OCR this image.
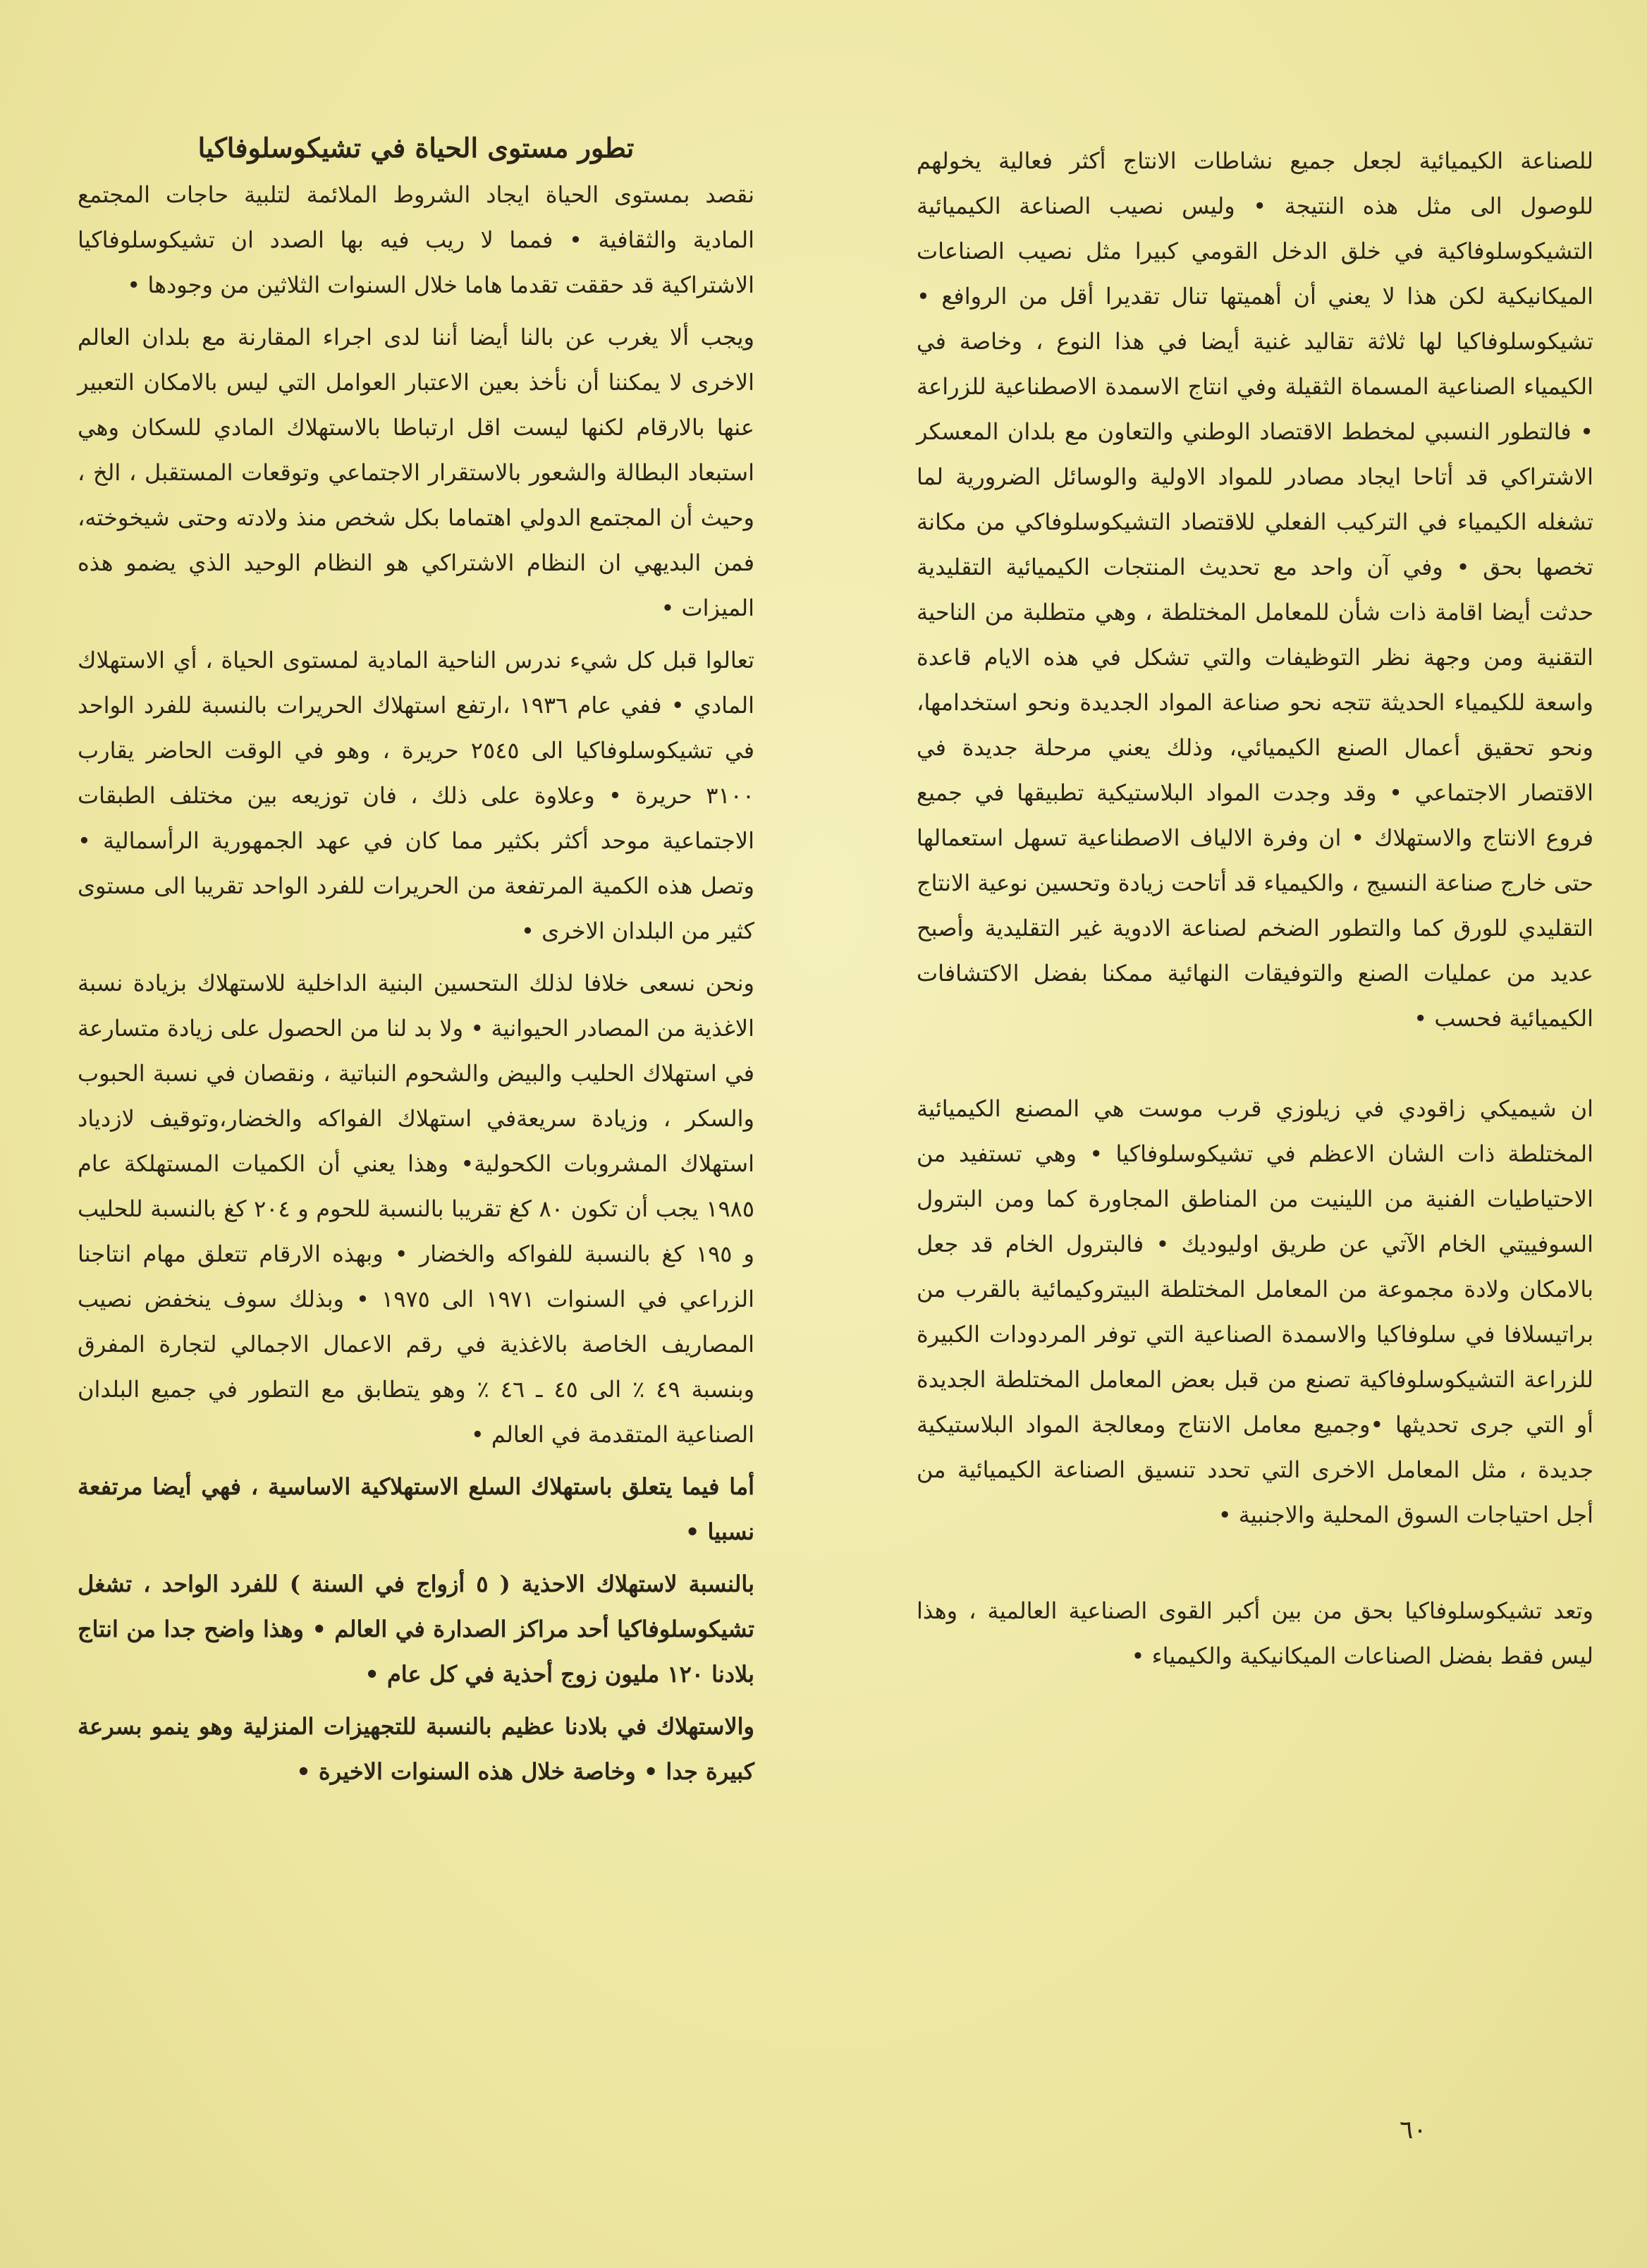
تطور مستوى الحياة في تشيكوسلوفاكيا

نقصد بمستوى الحياة ايجاد الشروط الملائمة لتلبية حاجات المجتمع المادية والثقافية • فمما لا ريب فيه بها الصدد ان تشيكوسلوفاكيا الاشتراكية قد حققت تقدما هاما خلال السنوات الثلاثين من وجودها •

ويجب ألا يغرب عن بالنا أيضا أننا لدى اجراء المقارنة مع بلدان العالم الاخرى لا يمكننا أن نأخذ بعين الاعتبار العوامل التي ليس بالامكان التعبير عنها بالارقام لكنها ليست اقل ارتباطا بالاستهلاك المادي للسكان وهي استبعاد البطالة والشعور بالاستقرار الاجتماعي وتوقعات المستقبل ، الخ ، وحيث أن المجتمع الدولي اهتماما بكل شخص منذ ولادته وحتى شيخوخته، فمن البديهي ان النظام الاشتراكي هو النظام الوحيد الذي يضمو هذه الميزات •

تعالوا قبل كل شيء ندرس الناحية المادية لمستوى الحياة ، أي الاستهلاك المادي • ففي عام ١٩٣٦ ،ارتفع استهلاك الحريرات بالنسبة للفرد الواحد في تشيكوسلوفاكيا الى ٢٥٤٥ حريرة ، وهو في الوقت الحاضر يقارب ٣١٠٠ حريرة • وعلاوة على ذلك ، فان توزيعه بين مختلف الطبقات الاجتماعية موحد أكثر بكثير مما كان في عهد الجمهورية الرأسمالية • وتصل هذه الكمية المرتفعة من الحريرات للفرد الواحد تقريبا الى مستوى كثير من البلدان الاخرى •

ونحن نسعى خلافا لذلك الىتحسين البنية الداخلية للاستهلاك بزيادة نسبة الاغذية من المصادر الحيوانية • ولا بد لنا من الحصول على زيادة متسارعة في استهلاك الحليب والبيض والشحوم النباتية ، ونقصان في نسبة الحبوب والسكر ، وزيادة سريعةفي استهلاك الفواكه والخضار،وتوقيف لازدياد استهلاك المشروبات الكحولية• وهذا يعني أن الكميات المستهلكة عام ١٩٨٥ يجب أن تكون ٨٠ كغ تقريبا بالنسبة للحوم و ٢٠٤ كغ بالنسبة للحليب و ١٩٥ كغ بالنسبة للفواكه والخضار • وبهذه الارقام تتعلق مهام انتاجنا الزراعي في السنوات ١٩٧١ الى ١٩٧٥ • وبذلك سوف ينخفض نصيب المصاريف الخاصة بالاغذية في رقم الاعمال الاجمالي لتجارة المفرق وبنسبة ٤٩ ٪ الى ٤٥ ـ ٤٦ ٪ وهو يتطابق مع التطور في جميع البلدان الصناعية المتقدمة في العالم •

أما فيما يتعلق باستهلاك السلع الاستهلاكية الاساسية ، فهي أيضا مرتفعة نسبيا •

بالنسبة لاستهلاك الاحذية ( ٥ أزواج في السنة ) للفرد الواحد ، تشغل تشيكوسلوفاكيا أحد مراكز الصدارة في العالم • وهذا واضح جدا من انتاج بلادنا ١٢٠ مليون زوج أحذية في كل عام •

والاستهلاك في بلادنا عظيم بالنسبة للتجهيزات المنزلية وهو ينمو بسرعة كبيرة جدا • وخاصة خلال هذه السنوات الاخيرة •

للصناعة الكيميائية لجعل جميع نشاطات الانتاج أكثر فعالية يخولهم للوصول الى مثل هذه النتيجة • وليس نصيب الصناعة الكيميائية التشيكوسلوفاكية في خلق الدخل القومي كبيرا مثل نصيب الصناعات الميكانيكية لكن هذا لا يعني أن أهميتها تنال تقديرا أقل من الروافع • تشيكوسلوفاكيا لها ثلاثة تقاليد غنية أيضا في هذا النوع ، وخاصة في الكيمياء الصناعية المسماة الثقيلة وفي انتاج الاسمدة الاصطناعية للزراعة • فالتطور النسبي لمخطط الاقتصاد الوطني والتعاون مع بلدان المعسكر الاشتراكي قد أتاحا ايجاد مصادر للمواد الاولية والوسائل الضرورية لما تشغله الكيمياء في التركيب الفعلي للاقتصاد التشيكوسلوفاكي من مكانة تخصها بحق • وفي آن واحد مع تحديث المنتجات الكيميائية التقليدية حدثت أيضا اقامة ذات شأن للمعامل المختلطة ، وهي متطلبة من الناحية التقنية ومن وجهة نظر التوظيفات والتي تشكل في هذه الايام قاعدة واسعة للكيمياء الحديثة تتجه نحو صناعة المواد الجديدة ونحو استخدامها، ونحو تحقيق أعمال الصنع الكيميائي، وذلك يعني مرحلة جديدة في الاقتصار الاجتماعي • وقد وجدت المواد البلاستيكية تطبيقها في جميع فروع الانتاج والاستهلاك • ان وفرة الالياف الاصطناعية تسهل استعمالها حتى خارج صناعة النسيج ، والكيمياء قد أتاحت زيادة وتحسين نوعية الانتاج التقليدي للورق كما والتطور الضخم لصناعة الادوية غير التقليدية وأصبح عديد من عمليات الصنع والتوفيقات النهائية ممكنا بفضل الاكتشافات الكيميائية فحسب •

ان شيميكي زاقودي في زيلوزي قرب موست هي المصنع الكيميائية المختلطة ذات الشان الاعظم في تشيكوسلوفاكيا • وهي تستفيد من الاحتياطيات الفنية من اللينيت من المناطق المجاورة كما ومن البترول السوفييتي الخام الآتي عن طريق اوليوديك • فالبترول الخام قد جعل بالامكان ولادة مجموعة من المعامل المختلطة البيتروكيمائية بالقرب من براتيسلافا في سلوفاكيا والاسمدة الصناعية التي توفر المردودات الكبيرة للزراعة التشيكوسلوفاكية تصنع من قبل بعض المعامل المختلطة الجديدة أو التي جرى تحديثها •وجميع معامل الانتاج ومعالجة المواد البلاستيكية جديدة ، مثل المعامل الاخرى التي تحدد تنسيق الصناعة الكيميائية من أجل احتياجات السوق المحلية والاجنبية •

وتعد تشيكوسلوفاكيا بحق من بين أكبر القوى الصناعية العالمية ، وهذا ليس فقط بفضل الصناعات الميكانيكية والكيمياء •

٦٠
